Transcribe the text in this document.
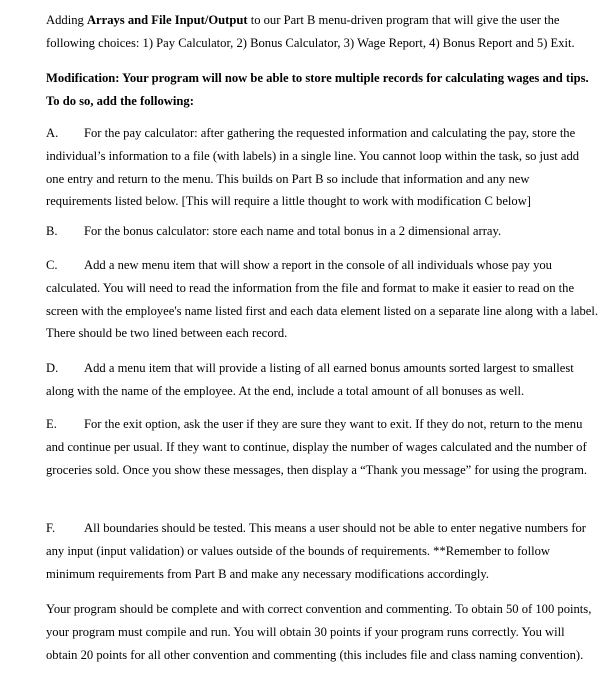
Adding Arrays and File Input/Output to our Part B menu-driven program that will give the user the following choices: 1) Pay Calculator, 2) Bonus Calculator, 3) Wage Report, 4) Bonus Report and 5) Exit.

Modification: Your program will now be able to store multiple records for calculating wages and tips. To do so, add the following:

A. For the pay calculator: after gathering the requested information and calculating the pay, store the individual’s information to a file (with labels) in a single line. You cannot loop within the task, so just add one entry and return to the menu. This builds on Part B so include that information and any new requirements listed below. [This will require a little thought to work with modification C below]

B. For the bonus calculator: store each name and total bonus in a 2 dimensional array.

C. Add a new menu item that will show a report in the console of all individuals whose pay you calculated. You will need to read the information from the file and format to make it easier to read on the screen with the employee's name listed first and each data element listed on a separate line along with a label. There should be two lined between each record.

D. Add a menu item that will provide a listing of all earned bonus amounts sorted largest to smallest along with the name of the employee. At the end, include a total amount of all bonuses as well.

E. For the exit option, ask the user if they are sure they want to exit. If they do not, return to the menu and continue per usual. If they want to continue, display the number of wages calculated and the number of groceries sold. Once you show these messages, then display a “Thank you message” for using the program.

F. All boundaries should be tested. This means a user should not be able to enter negative numbers for any input (input validation) or values outside of the bounds of requirements. **Remember to follow minimum requirements from Part B and make any necessary modifications accordingly.

Your program should be complete and with correct convention and commenting. To obtain 50 of 100 points, your program must compile and run. You will obtain 30 points if your program runs correctly. You will obtain 20 points for all other convention and commenting (this includes file and class naming convention).
